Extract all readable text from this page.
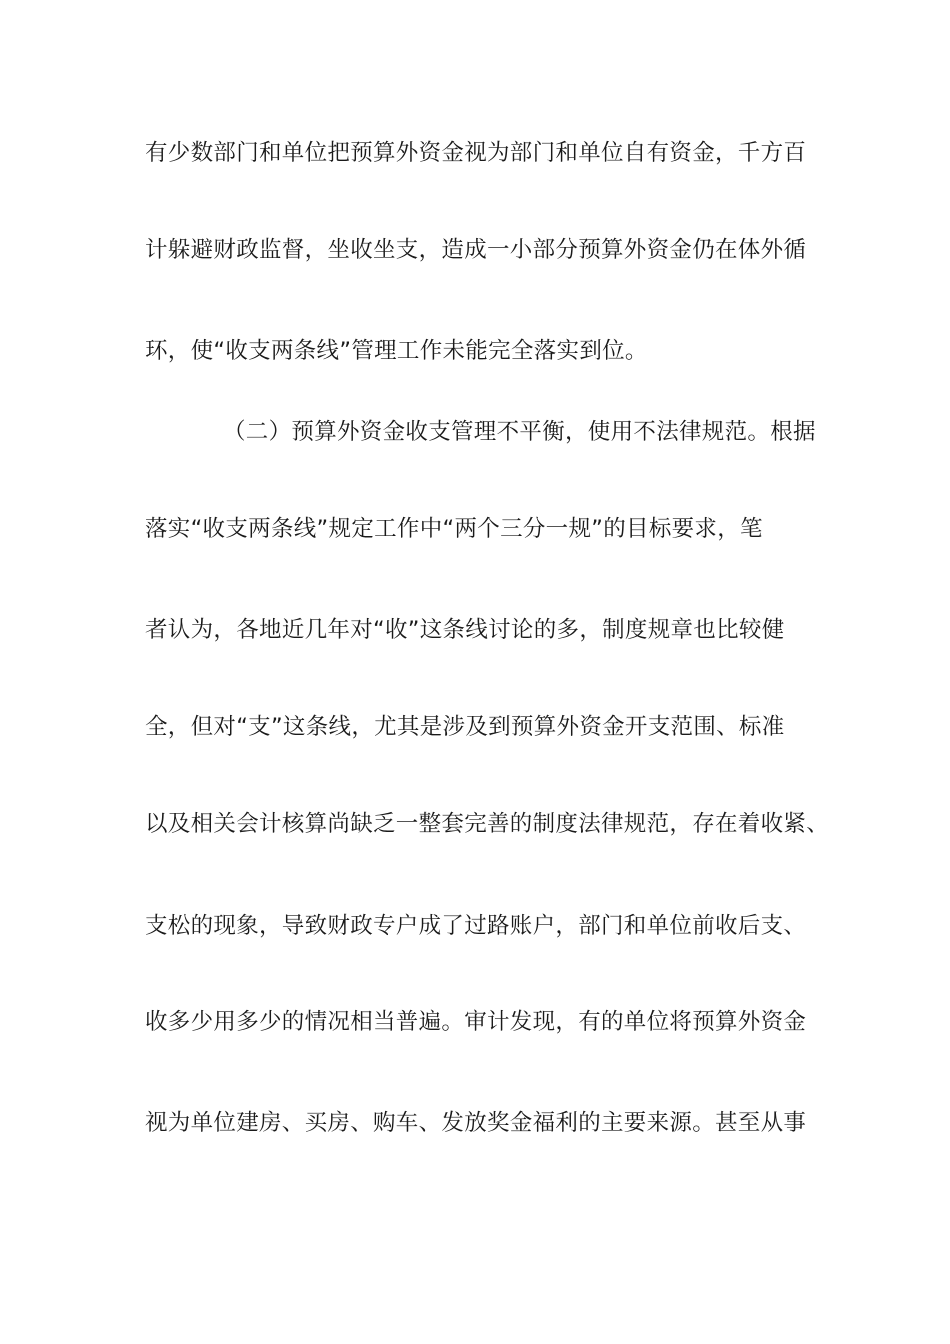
有少数部门和单位把预算外资金视为部门和单位自有资金，千方百

计躲避财政监督，坐收坐支，造成一小部分预算外资金仍在体外循

环，使“收支两条线”管理工作未能完全落实到位。

（二）预算外资金收支管理不平衡，使用不法律规范。根据

落实“收支两条线”规定工作中“两个三分一规”的目标要求，笔

者认为，各地近几年对“收”这条线讨论的多，制度规章也比较健

全，但对“支”这条线，尤其是涉及到预算外资金开支范围、标准

以及相关会计核算尚缺乏一整套完善的制度法律规范，存在着收紧、

支松的现象，导致财政专户成了过路账户，部门和单位前收后支、

收多少用多少的情况相当普遍。审计发现，有的单位将预算外资金

视为单位建房、买房、购车、发放奖金福利的主要来源。甚至从事
